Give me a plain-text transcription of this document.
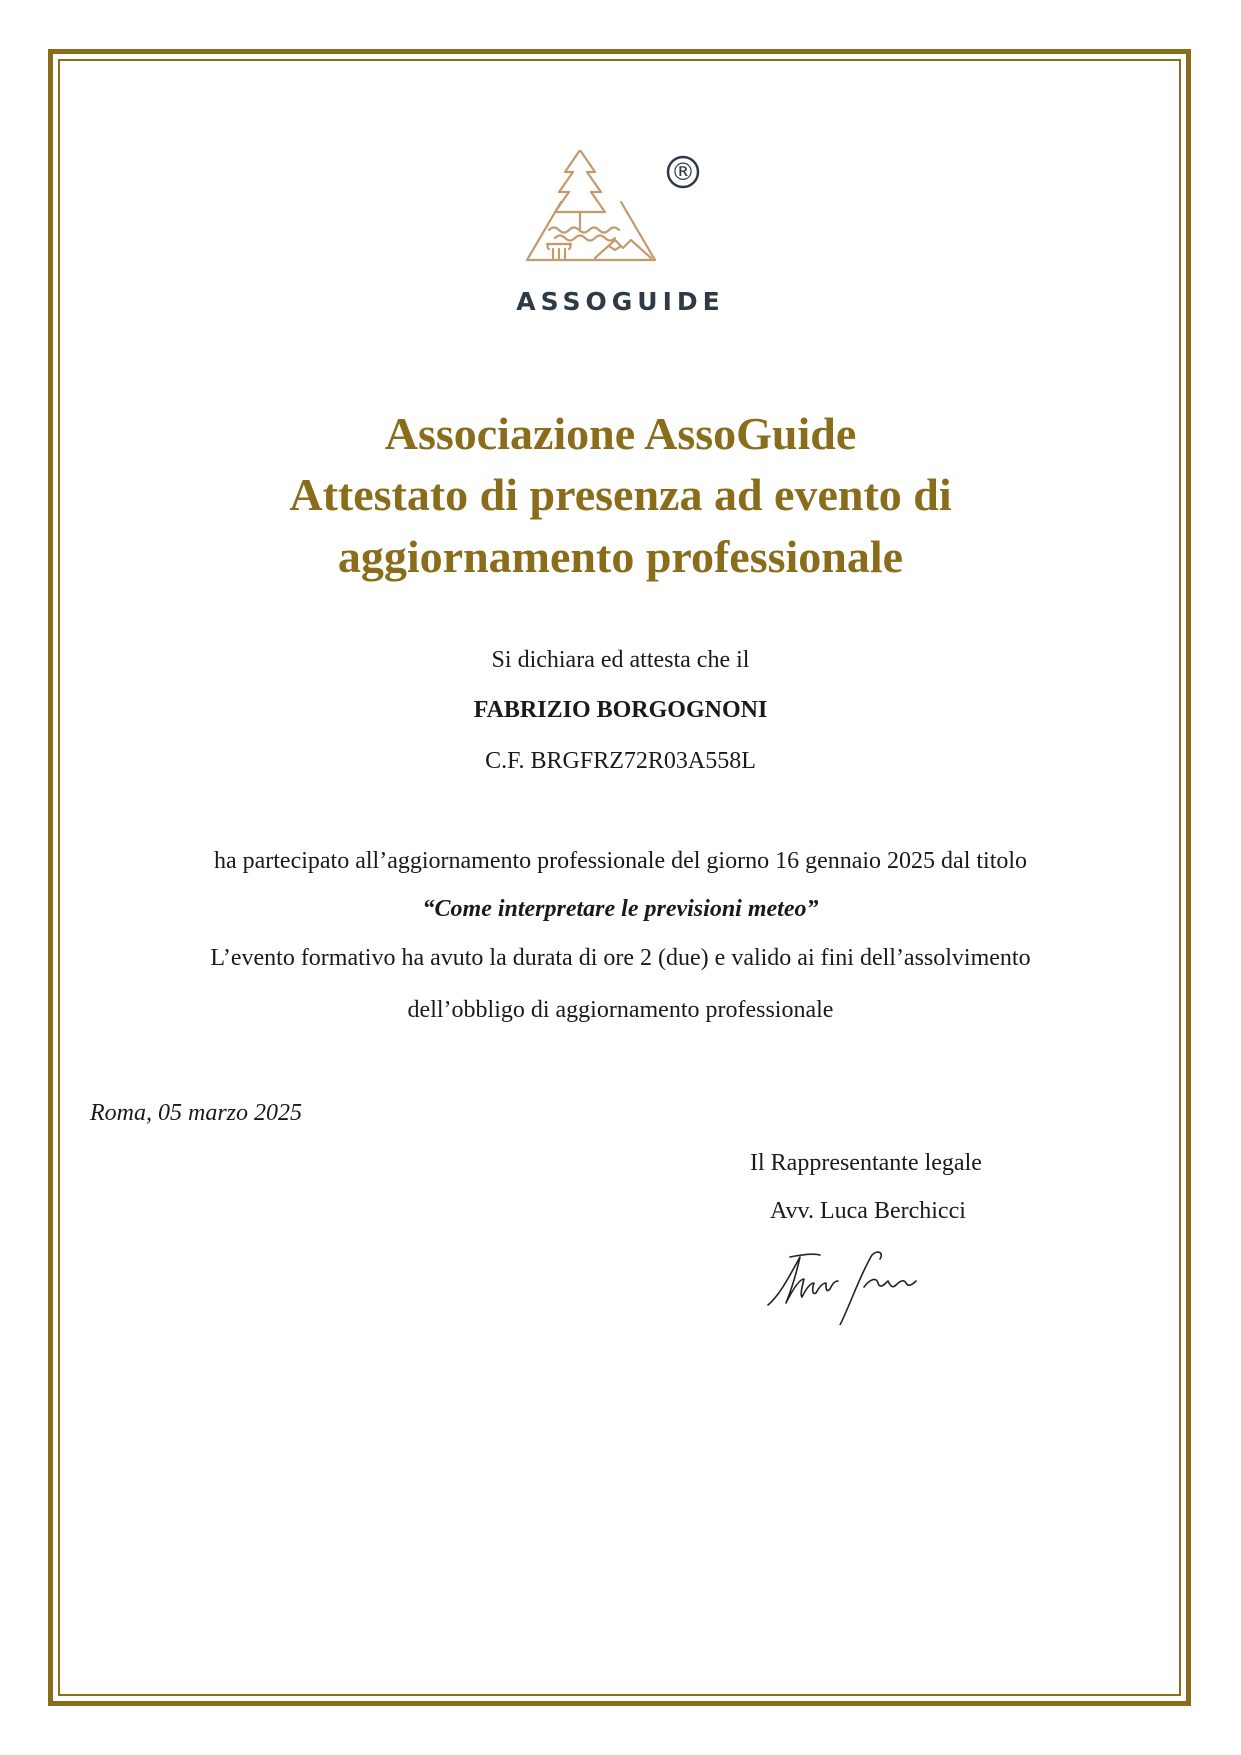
®
ASSOGUIDE
Associazione AssoGuide
Attestato di presenza ad evento di
aggiornamento professionale
Si dichiara ed attesta che il
FABRIZIO BORGOGNONI
C.F. BRGFRZ72R03A558L
ha partecipato all’aggiornamento professionale del giorno 16 gennaio 2025 dal titolo
“Come interpretare le previsioni meteo”
L’evento formativo ha avuto la durata di ore 2 (due) e valido ai fini dell’assolvimento
dell’obbligo di aggiornamento professionale
Roma, 05 marzo 2025
Il Rappresentante legale
Avv. Luca Berchicci
